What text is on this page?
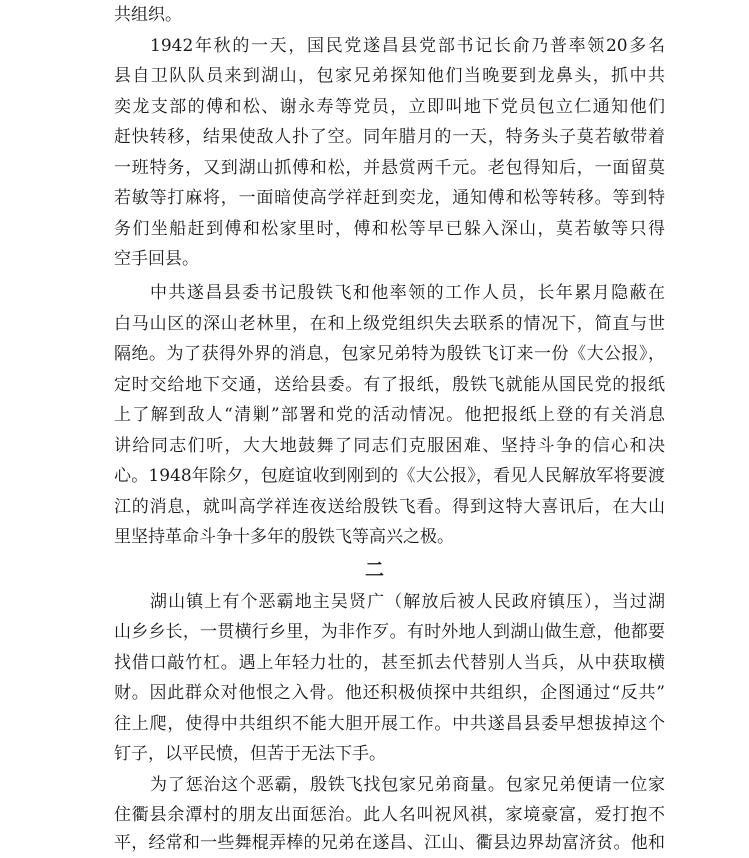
共组织。
1942年秋的一天，国民党遂昌县党部书记长俞乃普率领20多名
县自卫队队员来到湖山，包家兄弟探知他们当晚要到龙鼻头，抓中共
奕龙支部的傅和松、谢永寿等党员，立即叫地下党员包立仁通知他们
赶快转移，结果使敌人扑了空。同年腊月的一天，特务头子莫若敏带着
一班特务，又到湖山抓傅和松，并悬赏两千元。老包得知后，一面留莫
若敏等打麻将，一面暗使高学祥赶到奕龙，通知傅和松等转移。等到特
务们坐船赶到傅和松家里时，傅和松等早已躲入深山，莫若敏等只得
空手回县。
中共遂昌县委书记殷铁飞和他率领的工作人员，长年累月隐蔽在
白马山区的深山老林里，在和上级党组织失去联系的情况下，简直与世
隔绝。为了获得外界的消息，包家兄弟特为殷铁飞订来一份《大公报》，
定时交给地下交通，送给县委。有了报纸，殷铁飞就能从国民党的报纸
上了解到敌人“清剿”部署和党的活动情况。他把报纸上登的有关消息
讲给同志们听，大大地鼓舞了同志们克服困难、坚持斗争的信心和决
心。1948年除夕，包庭谊收到刚到的《大公报》，看见人民解放军将要渡
江的消息，就叫高学祥连夜送给殷铁飞看。得到这特大喜讯后，在大山
里坚持革命斗争十多年的殷铁飞等高兴之极。
二
湖山镇上有个恶霸地主吴贤广（解放后被人民政府镇压），当过湖
山乡乡长，一贯横行乡里，为非作歹。有时外地人到湖山做生意，他都要
找借口敲竹杠。遇上年轻力壮的，甚至抓去代替别人当兵，从中获取横
财。因此群众对他恨之入骨。他还积极侦探中共组织，企图通过“反共”
往上爬，使得中共组织不能大胆开展工作。中共遂昌县委早想拔掉这个
钉子，以平民愤，但苦于无法下手。
为了惩治这个恶霸，殷铁飞找包家兄弟商量。包家兄弟便请一位家
住衢县余潭村的朋友出面惩治。此人名叫祝风祺，家境豪富，爱打抱不
平，经常和一些舞棍弄棒的兄弟在遂昌、江山、衢县边界劫富济贫。他和
